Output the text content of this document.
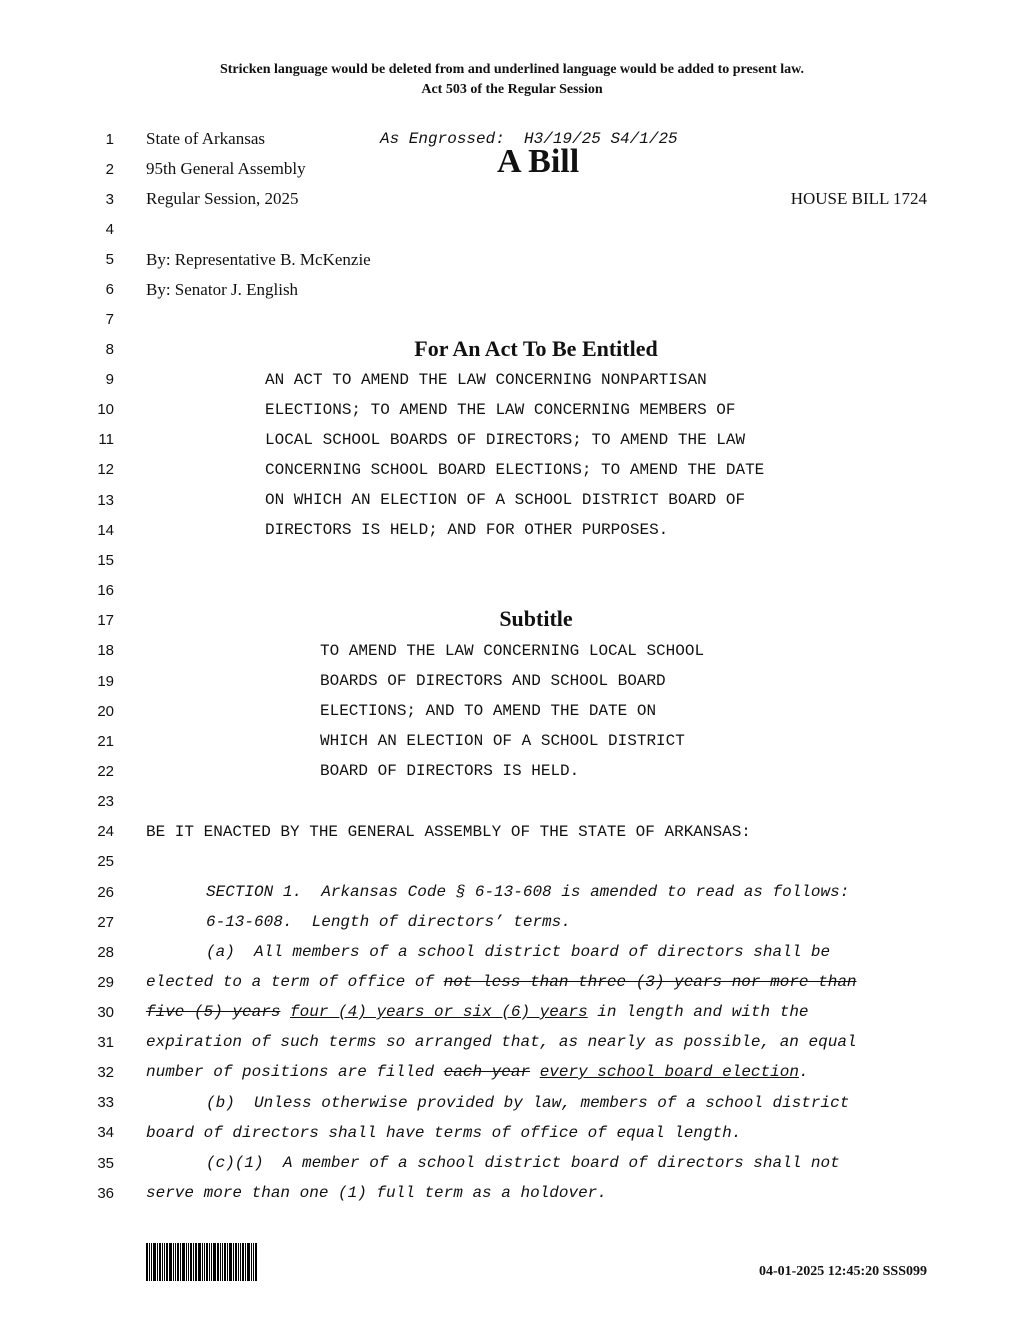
Stricken language would be deleted from and underlined language would be added to present law.
Act 503 of the Regular Session
1
2
3
4
5
6
7
8
9
10
11
12
13
14
15
16
17
18
19
20
21
22
23
24
25
26
27
28
29
30
31
32
33
34
35
36
State of Arkansas	As Engrossed:  H3/19/25 S4/1/25
95th General Assembly	A Bill
Regular Session, 2025	HOUSE BILL 1724
By: Representative B. McKenzie
By: Senator J. English
For An Act To Be Entitled
AN ACT TO AMEND THE LAW CONCERNING NONPARTISAN
ELECTIONS; TO AMEND THE LAW CONCERNING MEMBERS OF
LOCAL SCHOOL BOARDS OF DIRECTORS; TO AMEND THE LAW
CONCERNING SCHOOL BOARD ELECTIONS; TO AMEND THE DATE
ON WHICH AN ELECTION OF A SCHOOL DISTRICT BOARD OF
DIRECTORS IS HELD; AND FOR OTHER PURPOSES.
Subtitle
TO AMEND THE LAW CONCERNING LOCAL SCHOOL
BOARDS OF DIRECTORS AND SCHOOL BOARD
ELECTIONS; AND TO AMEND THE DATE ON
WHICH AN ELECTION OF A SCHOOL DISTRICT
BOARD OF DIRECTORS IS HELD.
BE IT ENACTED BY THE GENERAL ASSEMBLY OF THE STATE OF ARKANSAS:
SECTION 1.  Arkansas Code § 6-13-608 is amended to read as follows:
6-13-608.  Length of directors’ terms.
(a)  All members of a school district board of directors shall be
elected to a term of office of not less than three (3) years nor more than
five (5) years four (4) years or six (6) years in length and with the
expiration of such terms so arranged that, as nearly as possible, an equal
number of positions are filled each year every school board election.
(b)  Unless otherwise provided by law, members of a school district
board of directors shall have terms of office of equal length.
(c)(1)  A member of a school district board of directors shall not
serve more than one (1) full term as a holdover.
04-01-2025 12:45:20 SSS099
